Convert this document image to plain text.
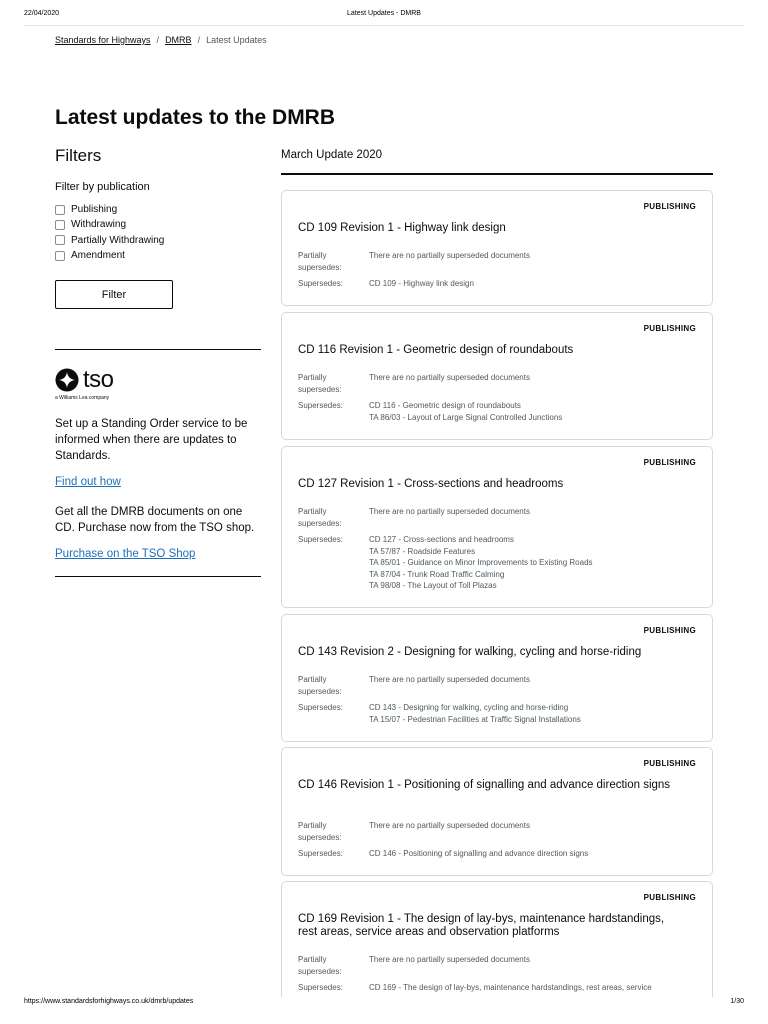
22/04/2020	Latest Updates - DMRB
Standards for Highways / DMRB / Latest Updates
Latest updates to the DMRB
Filters
Filter by publication
Publishing
Withdrawing
Partially Withdrawing
Amendment
Filter
tso
a Williams Lea company

Set up a Standing Order service to be informed when there are updates to Standards.

Find out how

Get all the DMRB documents on one CD. Purchase now from the TSO shop.

Purchase on the TSO Shop
March Update 2020
PUBLISHING
CD 109 Revision 1 - Highway link design
Partially
supersedes:
There are no partially superseded documents
Supersedes:	CD 109 - Highway link design
PUBLISHING
CD 116 Revision 1 - Geometric design of roundabouts
Partially
supersedes:
There are no partially superseded documents
Supersedes:	CD 116 - Geometric design of roundabouts
TA 86/03 - Layout of Large Signal Controlled Junctions
PUBLISHING
CD 127 Revision 1 - Cross-sections and headrooms
Partially
supersedes:
There are no partially superseded documents
Supersedes:	CD 127 - Cross-sections and headrooms
TA 57/87 - Roadside Features
TA 85/01 - Guidance on Minor Improvements to Existing Roads
TA 87/04 - Trunk Road Traffic Calming
TA 98/08 - The Layout of Toll Plazas
PUBLISHING
CD 143 Revision 2 - Designing for walking, cycling and horse-riding
Partially
supersedes:
There are no partially superseded documents
Supersedes:	CD 143 - Designing for walking, cycling and horse-riding
TA 15/07 - Pedestrian Facilities at Traffic Signal Installations
PUBLISHING
CD 146 Revision 1 - Positioning of signalling and advance direction signs
Partially
supersedes:
There are no partially superseded documents
Supersedes:	CD 146 - Positioning of signalling and advance direction signs
PUBLISHING
CD 169 Revision 1 - The design of lay-bys, maintenance hardstandings, rest areas, service areas and observation platforms
Partially
supersedes:
There are no partially superseded documents
Supersedes:	CD 169 - The design of lay-bys, maintenance hardstandings, rest areas, service
https://www.standardsforhighways.co.uk/dmrb/updates	1/30
